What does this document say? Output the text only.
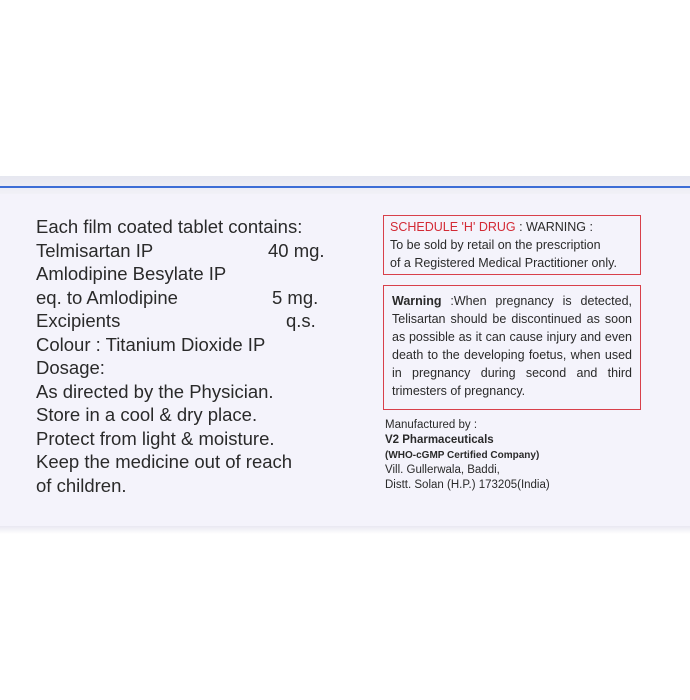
Each film coated tablet contains:
Telmisartan IP	40 mg.
Amlodipine Besylate IP
eq. to Amlodipine	5 mg.
Excipients	q.s.
Colour : Titanium Dioxide IP
Dosage:
As directed by the Physician.
Store in a cool & dry place.
Protect from light & moisture.
Keep the medicine out of reach
of children.
SCHEDULE 'H' DRUG : WARNING :
To be sold by retail on the prescription
of a Registered Medical Practitioner only.
Warning :When pregnancy is detected, Telisartan should be discontinued as soon as possible as it can cause injury and even death to the developing foetus, when used in pregnancy during second and third trimesters of pregnancy.
Manufactured by :
V2 Pharmaceuticals
(WHO-cGMP Certified Company)
Vill. Gullerwala, Baddi,
Distt. Solan (H.P.) 173205(India)
